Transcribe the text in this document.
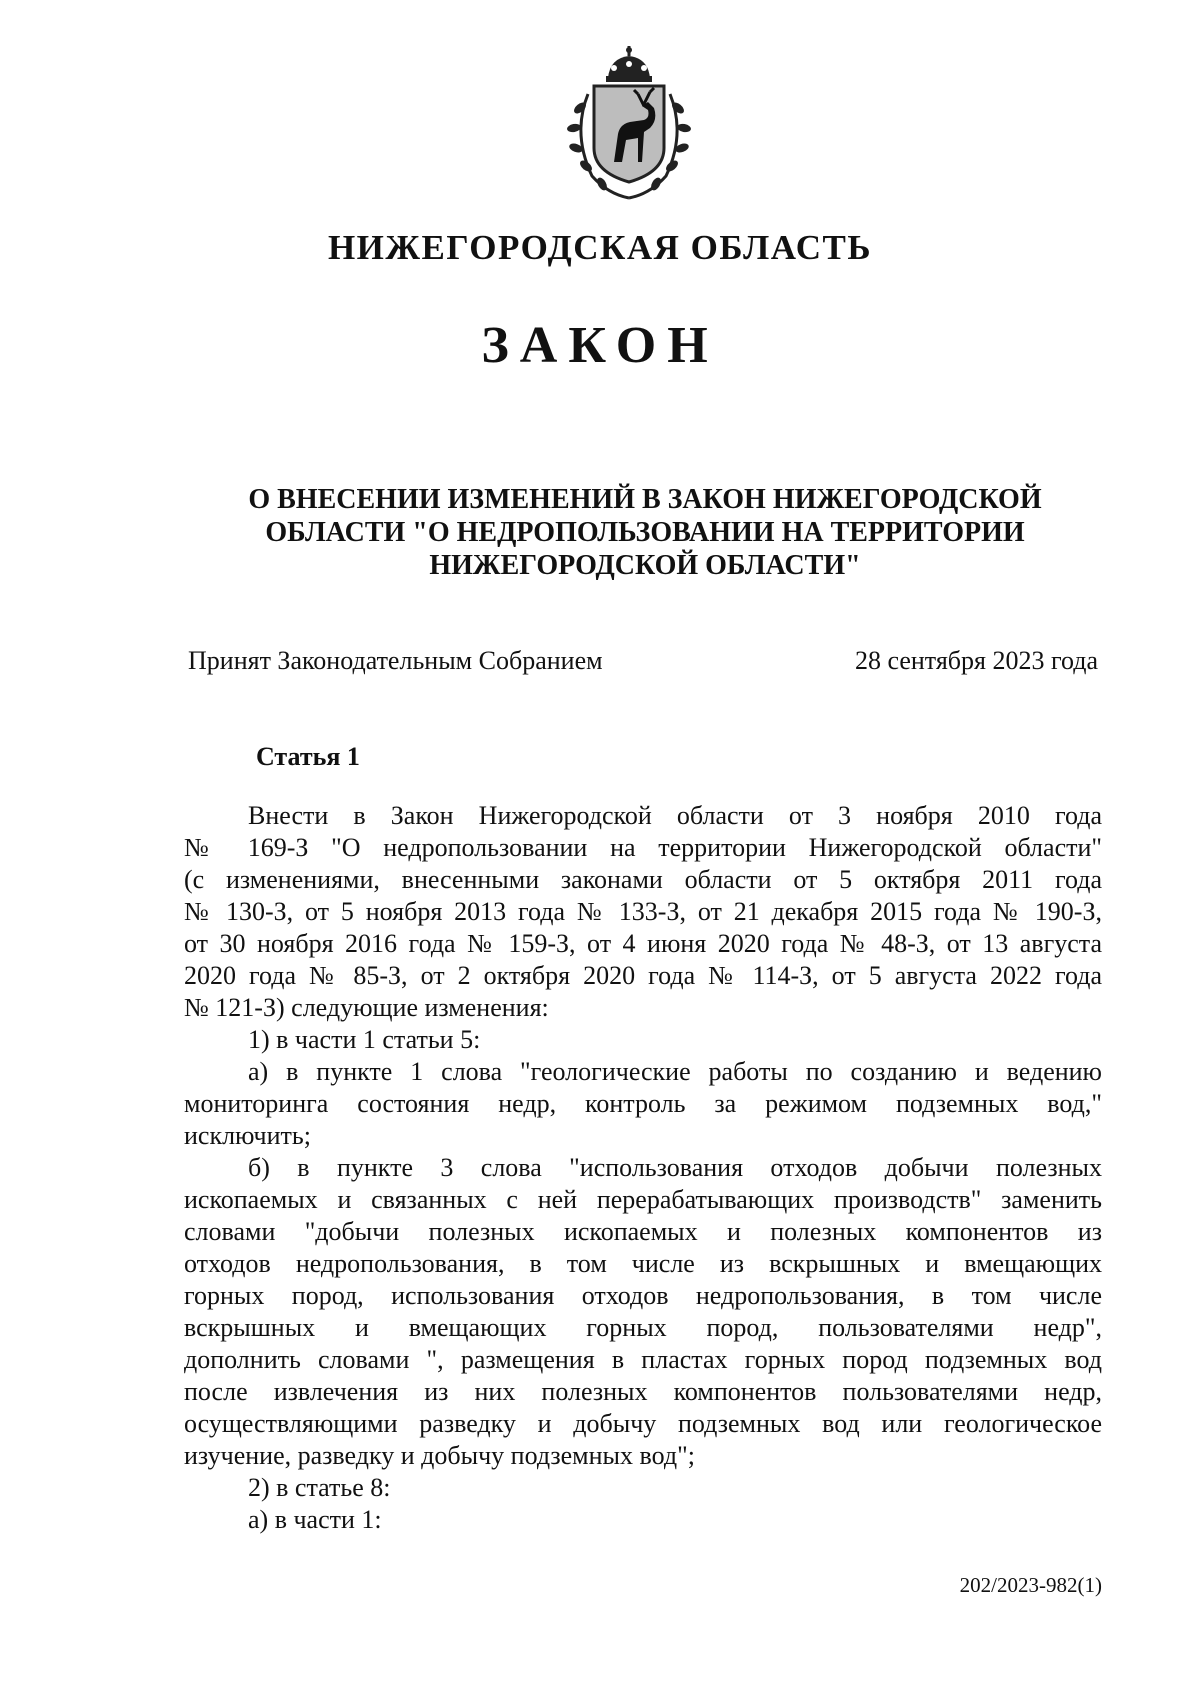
НИЖЕГОРОДСКАЯ ОБЛАСТЬ
ЗАКОН
О ВНЕСЕНИИ ИЗМЕНЕНИЙ В ЗАКОН НИЖЕГОРОДСКОЙ
ОБЛАСТИ "О НЕДРОПОЛЬЗОВАНИИ НА ТЕРРИТОРИИ
НИЖЕГОРОДСКОЙ ОБЛАСТИ"
Принят Законодательным Собранием	28 сентября 2023 года
Статья 1
Внести в Закон Нижегородской области от 3 ноября 2010 года
№ 169-З "О недропользовании на территории Нижегородской области"
(с изменениями, внесенными законами области от 5 октября 2011 года
№ 130-З, от 5 ноября 2013 года № 133-З, от 21 декабря 2015 года № 190-З,
от 30 ноября 2016 года № 159-З, от 4 июня 2020 года № 48-З, от 13 августа
2020 года № 85-З, от 2 октября 2020 года № 114-З, от 5 августа 2022 года
№ 121-З) следующие изменения:
1) в части 1 статьи 5:
а) в пункте 1 слова "геологические работы по созданию и ведению
мониторинга состояния недр, контроль за режимом подземных вод,"
исключить;
б) в пункте 3 слова "использования отходов добычи полезных
ископаемых и связанных с ней перерабатывающих производств" заменить
словами "добычи полезных ископаемых и полезных компонентов из
отходов недропользования, в том числе из вскрышных и вмещающих
горных пород, использования отходов недропользования, в том числе
вскрышных и вмещающих горных пород, пользователями недр",
дополнить словами ", размещения в пластах горных пород подземных вод
после извлечения из них полезных компонентов пользователями недр,
осуществляющими разведку и добычу подземных вод или геологическое
изучение, разведку и добычу подземных вод";
2) в статье 8:
а) в части 1:
202/2023-982(1)
